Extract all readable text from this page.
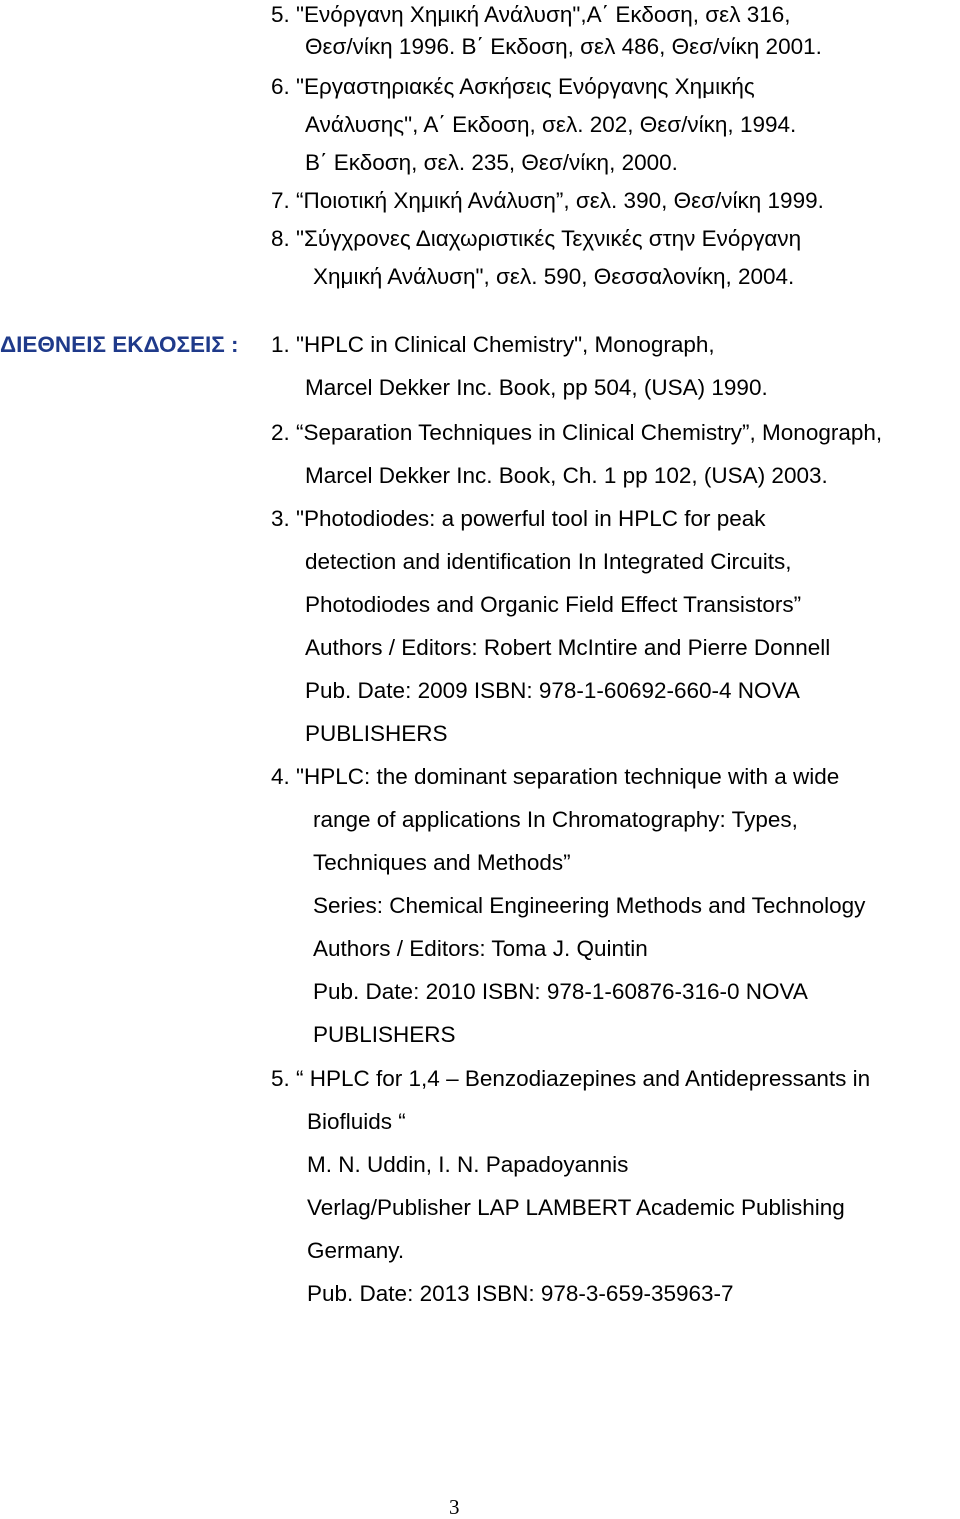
5. "Ενόργανη Χημική Ανάλυση",Α΄ Εκδοση, σελ 316,

Θεσ/νίκη 1996. Β΄ Εκδοση, σελ 486, Θεσ/νίκη 2001.

6. "Εργαστηριακές Ασκήσεις Ενόργανης Χημικής

Ανάλυσης", Α΄ Εκδοση, σελ. 202, Θεσ/νίκη, 1994.

Β΄ Εκδοση, σελ. 235, Θεσ/νίκη, 2000.

7. “Ποιοτική Χημική Ανάλυση”, σελ. 390, Θεσ/νίκη 1999.

8. "Σύγχρονες Διαχωριστικές Τεχνικές στην Ενόργανη

Χημική Ανάλυση", σελ. 590, Θεσσαλονίκη, 2004.

ΔΙΕΘΝΕΙΣ ΕΚΔΟΣΕΙΣ : 1. "HPLC in Clinical Chemistry", Monograph,

Marcel Dekker Inc. Book, pp 504, (USA) 1990.

2. “Separation Techniques in Clinical Chemistry”, Monograph,

Marcel Dekker Inc. Book, Ch. 1 pp 102, (USA) 2003.

3. "Photodiodes: a powerful tool in HPLC for peak

detection and identification In Integrated Circuits,

Photodiodes and Organic Field Effect Transistors”

Authors / Editors: Robert McIntire and Pierre Donnell

Pub. Date: 2009 ISBN: 978-1-60692-660-4 NOVA

PUBLISHERS

4. "HPLC: the dominant separation technique with a wide

range of applications In Chromatography: Types,

Techniques and Methods”

Series: Chemical Engineering Methods and Technology

Authors / Editors: Toma J. Quintin

Pub. Date: 2010 ISBN: 978-1-60876-316-0 NOVA

PUBLISHERS

5. “ HPLC for 1,4 – Benzodiazepines and Antidepressants in

Biofluids “

M. N. Uddin, I. N. Papadoyannis

Verlag/Publisher LAP LAMBERT Academic Publishing

Germany.

Pub. Date: 2013 ISBN: 978-3-659-35963-7

3
